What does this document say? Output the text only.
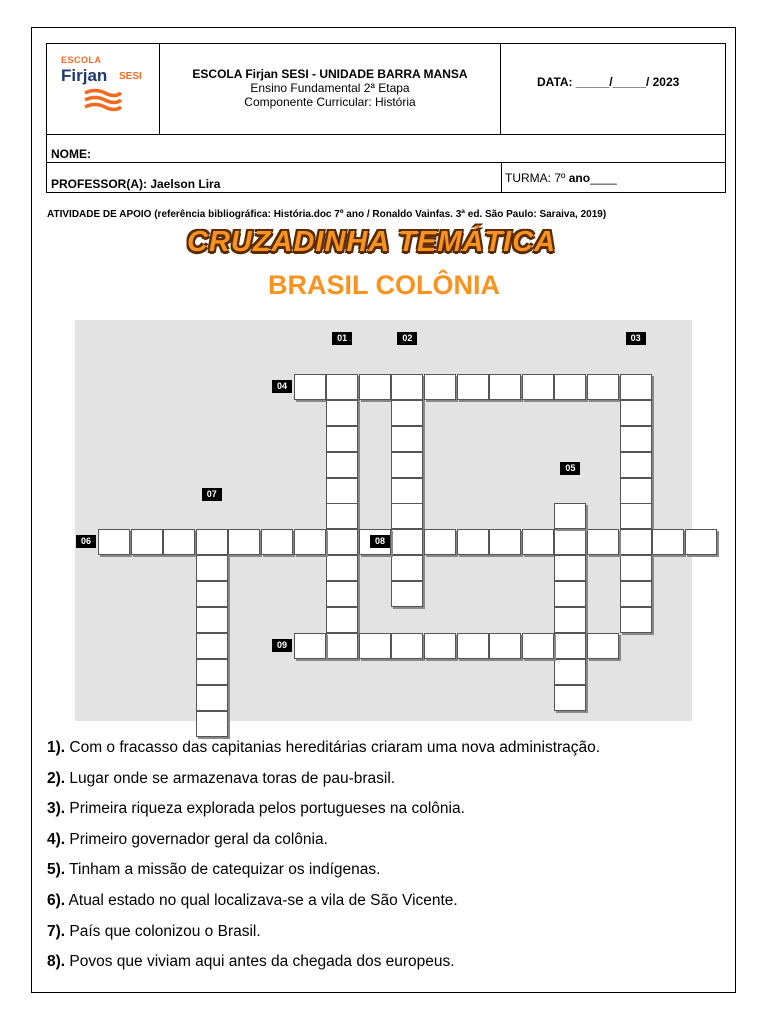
ESCOLA
Firjan SESI	ESCOLA Firjan SESI - UNIDADE BARRA MANSA
Ensino Fundamental 2ª Etapa
Componente Curricular: História
DATA: _____/_____/ 2023
NOME:
PROFESSOR(A): Jaelson Lira	TURMA: 7º ano____
ATIVIDADE DE APOIO (referência bibliográfica: História.doc 7º ano / Ronaldo Vainfas. 3ª ed. São Paulo: Saraiva, 2019)
CRUZADINHA TEMÁTICA
BRASIL COLÔNIA
01	02	03
04
05
06
07
08
09
1). Com o fracasso das capitanias hereditárias criaram uma nova administração.
2). Lugar onde se armazenava toras de pau-brasil.
3). Primeira riqueza explorada pelos portugueses na colônia.
4). Primeiro governador geral da colônia.
5). Tinham a missão de catequizar os indígenas.
6). Atual estado no qual localizava-se a vila de São Vicente.
7). País que colonizou o Brasil.
8). Povos que viviam aqui antes da chegada dos europeus.
